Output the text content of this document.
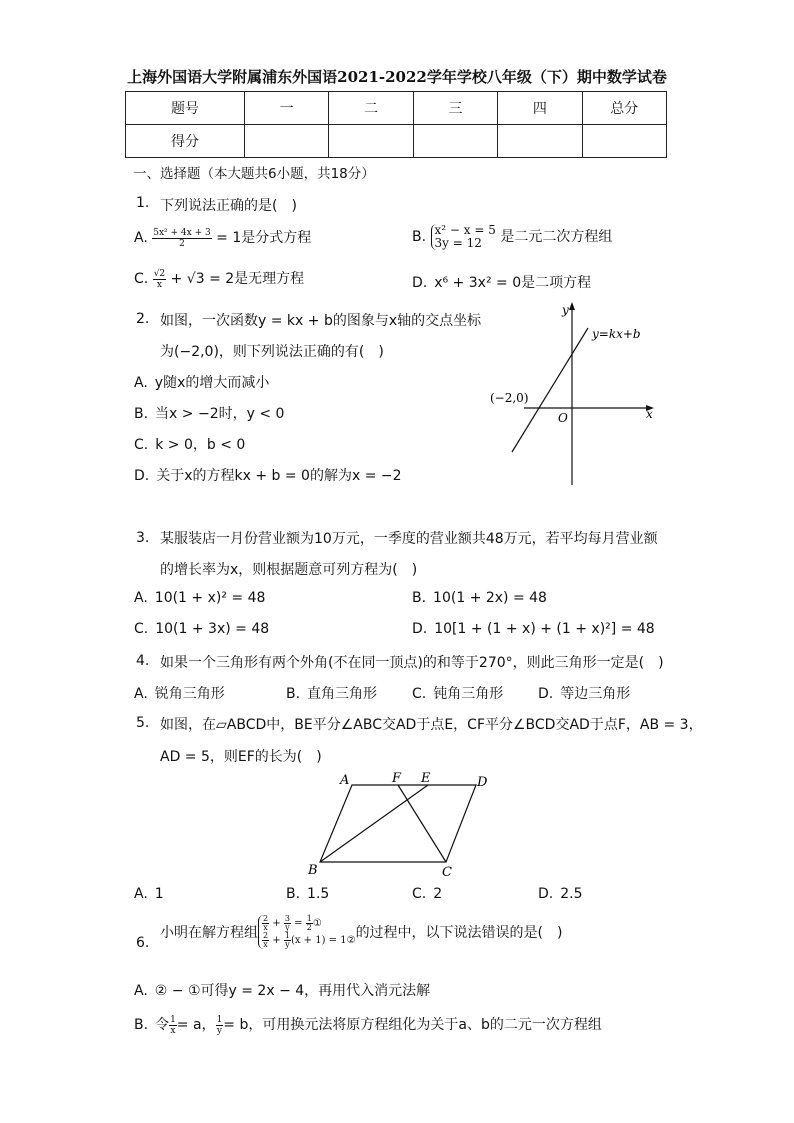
上海外国语大学附属浦东外国语2021-2022学年学校八年级（下）期中数学试卷
题号	一	二	三	四	总分
得分					
一、选择题（本大题共6小题，共18分）
1. 下列说法正确的是( )
A. $\frac{\text{5x² + 4x + 3}}{2} = 1$是分式方程	B. x² − x = 5
3y = 12	是二元二次方程组
C. $\frac{√2}{x} + √3 = 2$是无理方程	D. x⁶ + 3x² = 0是二项方程
2. 如图，一次函数y = kx + b的图象与x轴的交点坐标
为(−2,0)，则下列说法正确的有( )
A. y随x的增大而减小
B. 当x > −2时，y < 0
C. k > 0，b < 0
D. 关于x的方程kx + b = 0的解为x = −2
y
x
O
y=kx+b
(−2,0)
3. 某服装店一月份营业额为10万元，一季度的营业额共48万元，若平均每月营业额
的增长率为x，则根据题意可列方程为( )
A. 10(1 + x)² = 48	B. 10(1 + 2x) = 48
C. 10(1 + 3x) = 48	D. 10[1 + (1 + x) + (1 + x)²] = 48
4. 如果一个三角形有两个外角(不在同一顶点)的和等于270°，则此三角形一定是( )
A. 锐角三角形	B. 直角三角形 C. 钝角三角形 D. 等边三角形
5. 如图，在▱ABCD中，BE平分∠ABC交AD于点E，CF平分∠BCD交AD于点F，AB = 3，
AD = 5，则EF的长为( )
A	F E	D
B	C
A. 1	B. 1.5	C. 2	D. 2.5
6.
小明在解方程组
$\frac{2}{x} + \frac{3}{y} = \frac{1}{2}$ ①
$\frac{2}{x} + \frac{1}{y} (x + 1)$ = 1② 的过程中，以下说法错误的是( )
A. ② − ①可得y = 2x − 4，再用代入消元法解
B. 令 $\frac{1}{x} = a$， $\frac{1}{y} = b$，可用换元法将原方程组化为关于a、b的二元一次方程组
